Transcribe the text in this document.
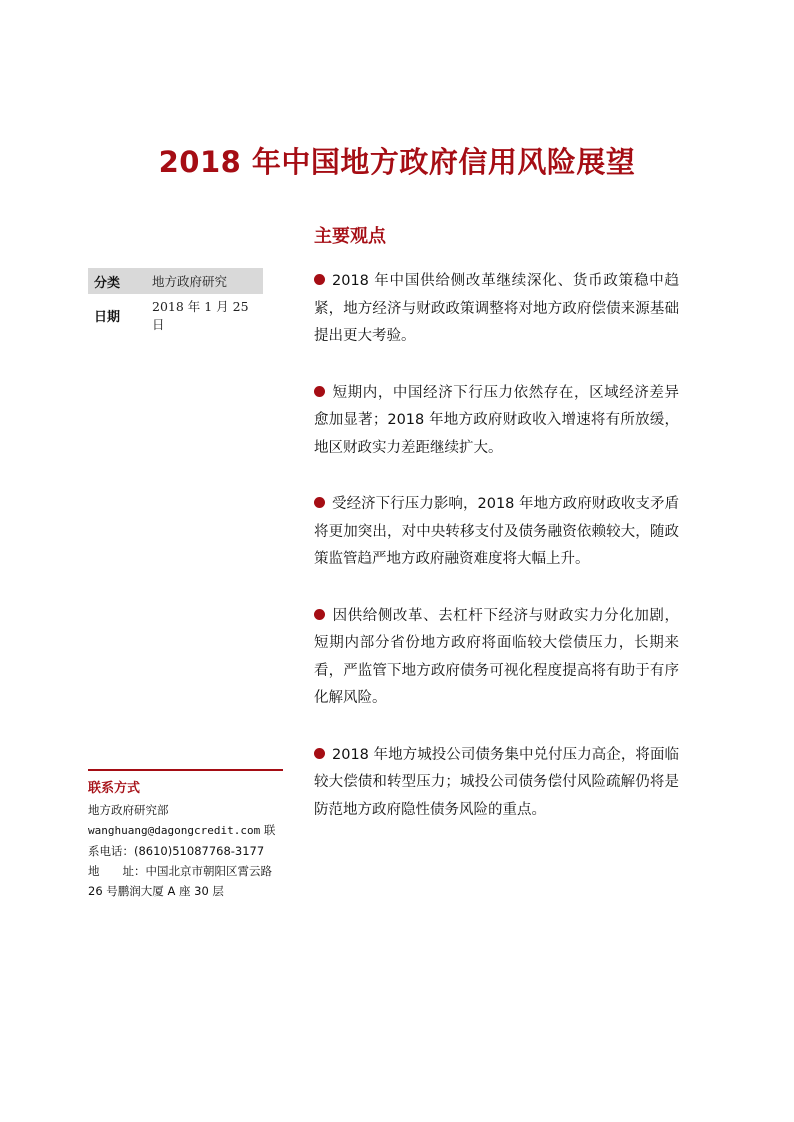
2018 年中国地方政府信用风险展望
分类	地方政府研究
日期
2018 年 1 月 25 日
主要观点
2018 年中国供给侧改革继续深化、货币政策稳中趋紧，地方经济与财政政策调整将对地方政府偿债来源基础提出更大考验。
短期内，中国经济下行压力依然存在，区域经济差异愈加显著；2018 年地方政府财政收入增速将有所放缓，地区财政实力差距继续扩大。
受经济下行压力影响，2018 年地方政府财政收支矛盾将更加突出，对中央转移支付及债务融资依赖较大，随政策监管趋严地方政府融资难度将大幅上升。
因供给侧改革、去杠杆下经济与财政实力分化加剧，短期内部分省份地方政府将面临较大偿债压力，长期来看，严监管下地方政府债务可视化程度提高将有助于有序化解风险。
2018 年地方城投公司债务集中兑付压力高企，将面临较大偿债和转型压力；城投公司债务偿付风险疏解仍将是防范地方政府隐性债务风险的重点。
联系方式
地方政府研究部
wanghuang@dagongcredit.com 联
系电话：(8610)51087768-3177
地　　址：中国北京市朝阳区霄云路
26 号鹏润大厦 A 座 30 层
